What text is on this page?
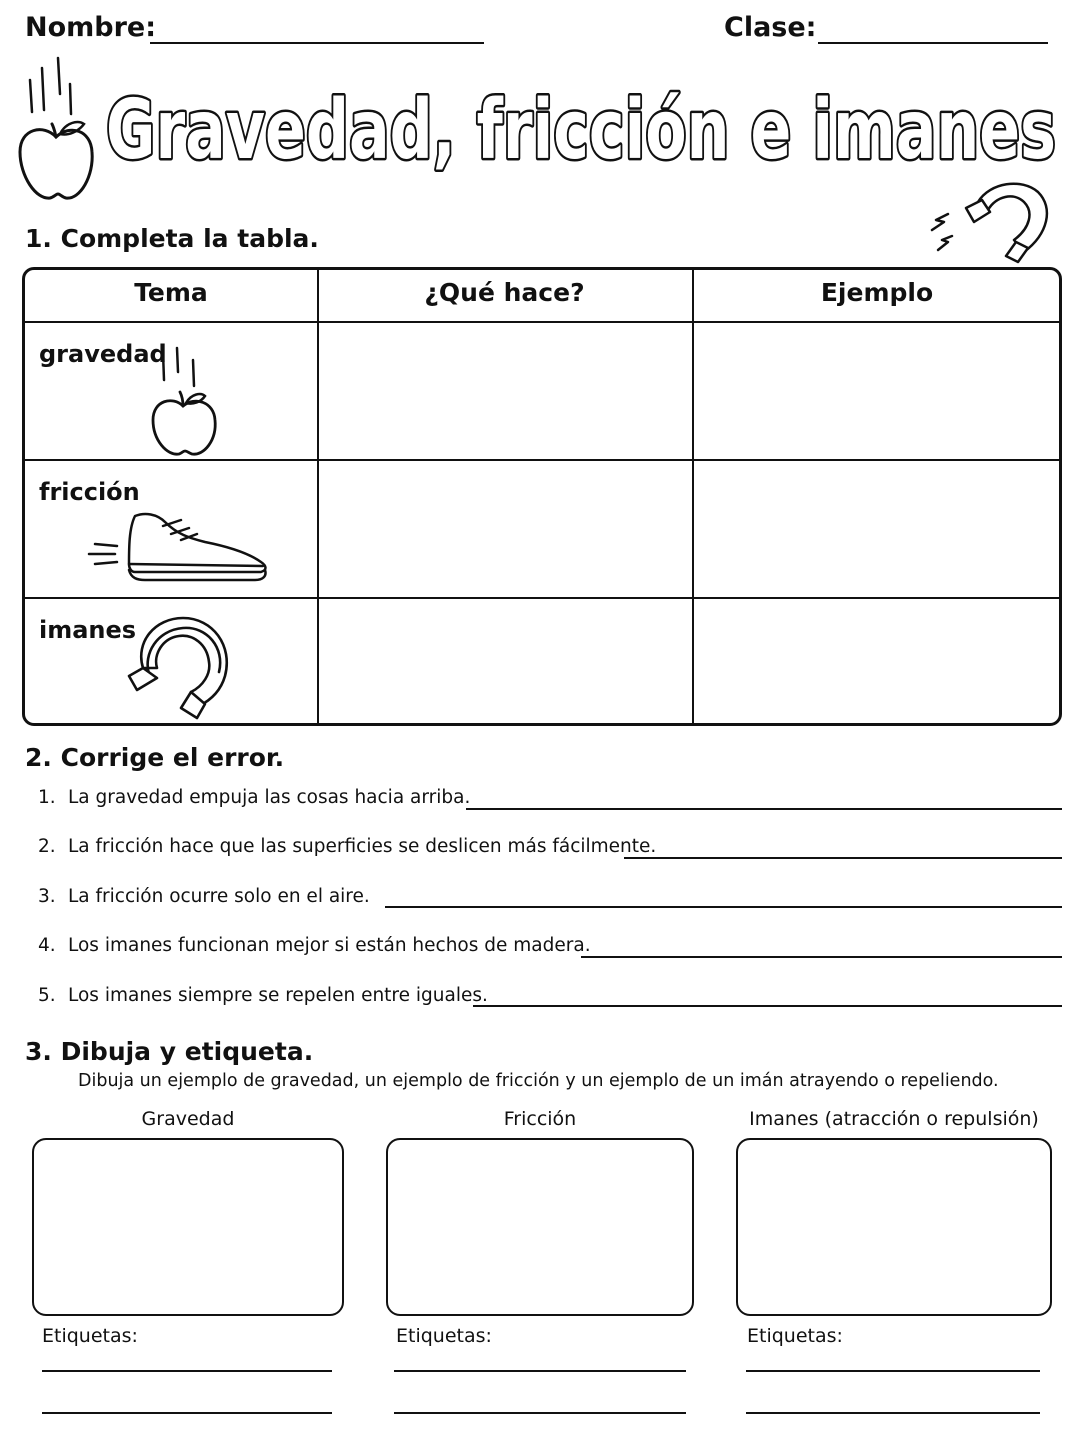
Nombre:	Clase:
Gravedad, fricción e imanes
1. Completa la tabla.
Tema	¿Qué hace?	Ejemplo
gravedad
fricción
imanes
2. Corrige el error.
1. La gravedad empuja las cosas hacia arriba.
2. La fricción hace que las superficies se deslicen más fácilmente.
3. La fricción ocurre solo en el aire.
4. Los imanes funcionan mejor si están hechos de madera.
5. Los imanes siempre se repelen entre iguales.
3. Dibuja y etiqueta.
Dibuja un ejemplo de gravedad, un ejemplo de fricción y un ejemplo de un imán atrayendo o repeliendo.
Gravedad
Etiquetas:
Fricción
Etiquetas:
Imanes (atracción o repulsión)
Etiquetas:
